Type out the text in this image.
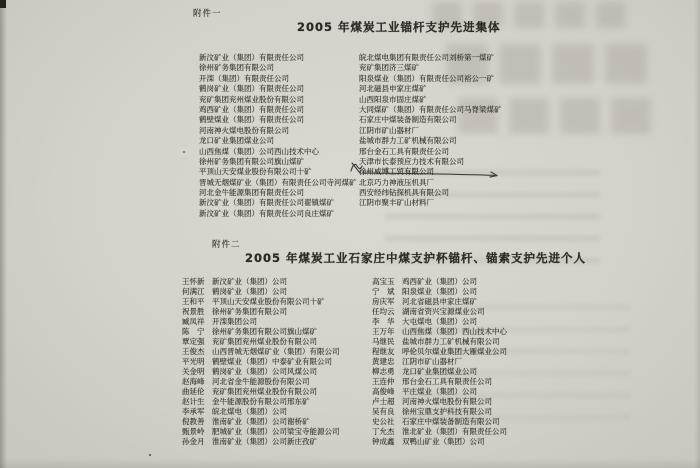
附件一
2005 年煤炭工业锚杆支护先进集体
新汶矿业（集团）有限责任公司
徐州矿务集团有限公司
开滦（集团）有限责任公司
鹤岗矿业（集团）有限责任公司
兖矿集团兖州煤业股份有限公司
鸡西矿业（集团）有限责任公司
鹤壁煤业（集团）有限责任公司
河南神火煤电股份有限公司
龙口矿业集团煤业公司
山西焦煤（集团）公司西山技术中心
徐州矿务集团有限公司旗山煤矿
平顶山天安煤业股份有限公司十矿
晋城无烟煤矿业（集团）有限责任公司寺河煤矿
河北金牛能源集团有限责任公司
新汶矿业（集团）有限责任公司翟镇煤矿
新汶矿业（集团）有限责任公司良庄煤矿
皖北煤电集团有限责任公司刘桥第一煤矿
兖矿集团济三煤矿
阳泉煤业（集团）有限责任公司裕公一矿
河北磁县申家庄煤矿
山西阳泉市固庄煤矿
大同煤矿（集团）有限责任公司马脊梁煤矿
石家庄中煤装备制造有限公司
江阴市矿山器材厂
盐城市群力工矿机械有限公司
邢台金石工具有限责任公司
天津市长泰预应力技术有限公司
徐州威博工贸有限公司
北京巧力神液压机具厂
西安经纬钻探机具有限公司
江阴市聚丰矿山材料厂
附件二
2005 年煤炭工业石家庄中煤支护杯锚杆、锚索支护先进个人
王怀新 新汶矿业（集团）公司
何满江 鹤岗矿业（集团）公司
王和平 平顶山天安煤业股份有限公司十矿
祝景胜 徐州矿务集团有限公司
臧凤祥 开滦集团公司
陈　宁 徐州矿务集团有限公司旗山煤矿
覃定强 兖矿集团兖州煤业股份有限公司
王俊杰 山西晋城无烟煤矿业（集团）有限公司
平光明 鹤壁煤业（集团）中泰矿业有限公司
关金明 鹤岗矿业（集团）公司风煤公司
赵海峰 河北省金牛能源股份有限公司
曲延伦 兖矿集团兖州煤业股份有限公司
赵计生 金牛能源股份有限公司邢东矿
李承军 皖北煤电（集团）公司
倪教善 淮南矿业（集团）公司谢桥矿
甄景岭 肥城矿业（集团）公司梁宝寺能源公司
孙金月 淮南矿业（集团）公司新庄孜矿
高宝玉 鸡西矿业（集团）公司
宁　斌 阳泉煤业（集团）公司
房庆军 河北省磁县申家庄煤矿
任均云 湖南省资兴宝源煤业公司
李　华 大屯煤电（集团）公司
王万年 山西焦煤（集团）西山技术中心
马继民 盐城市群力工矿机械有限公司
程继友 呼伦贝尔煤业集团大雁煤业公司
黄建忠 江阴市矿山器材厂
柳志勇 龙口矿业集团煤业公司
王连仲 邢台金石工具有限责任公司
高俊峰 平庄煤业（集团）公司
卢士超 河南神火煤电股份有限公司
吴有良 徐州宝鼎支护科技有限公司
史公社 石家庄中煤装备制造有限公司
丁允杰 淮北矿业（集团）有限责任公司
钟成鑫 双鸭山矿业（集团）公司
